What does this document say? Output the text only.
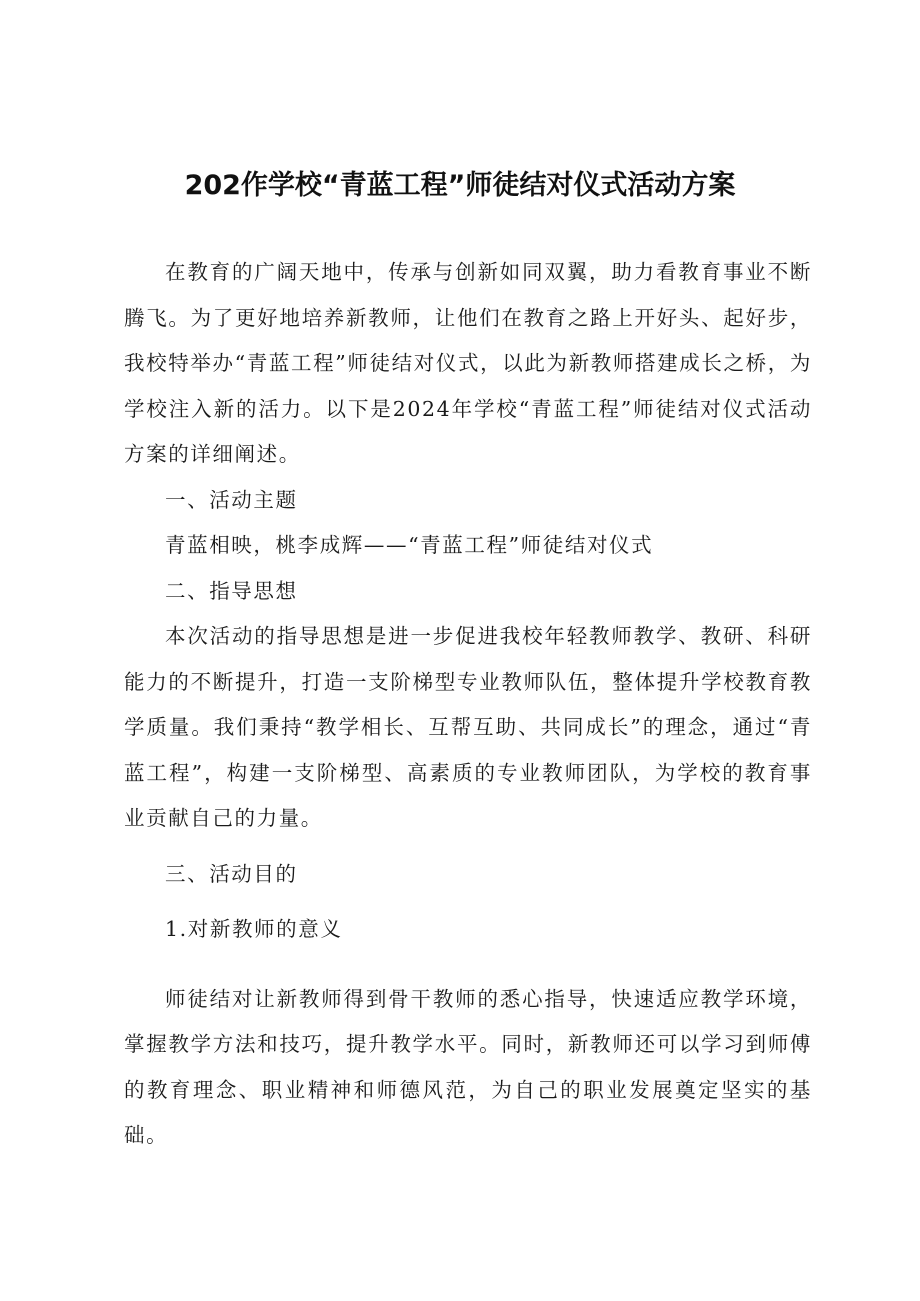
202作学校“青蓝工程”师徒结对仪式活动方案

在教育的广阔天地中，传承与创新如同双翼，助力看教育事业不断腾飞。为了更好地培养新教师，让他们在教育之路上开好头、起好步，我校特举办“青蓝工程”师徒结对仪式，以此为新教师搭建成长之桥，为学校注入新的活力。以下是2024年学校“青蓝工程”师徒结对仪式活动方案的详细阐述。

一、活动主题

青蓝相映，桃李成辉——“青蓝工程”师徒结对仪式

二、指导思想

本次活动的指导思想是进一步促进我校年轻教师教学、教研、科研能力的不断提升，打造一支阶梯型专业教师队伍，整体提升学校教育教学质量。我们秉持“教学相长、互帮互助、共同成长”的理念，通过“青蓝工程”，构建一支阶梯型、高素质的专业教师团队，为学校的教育事业贡献自己的力量。

三、活动目的

1.对新教师的意义

师徒结对让新教师得到骨干教师的悉心指导，快速适应教学环境，掌握教学方法和技巧，提升教学水平。同时，新教师还可以学习到师傅的教育理念、职业精神和师德风范，为自己的职业发展奠定坚实的基础。
